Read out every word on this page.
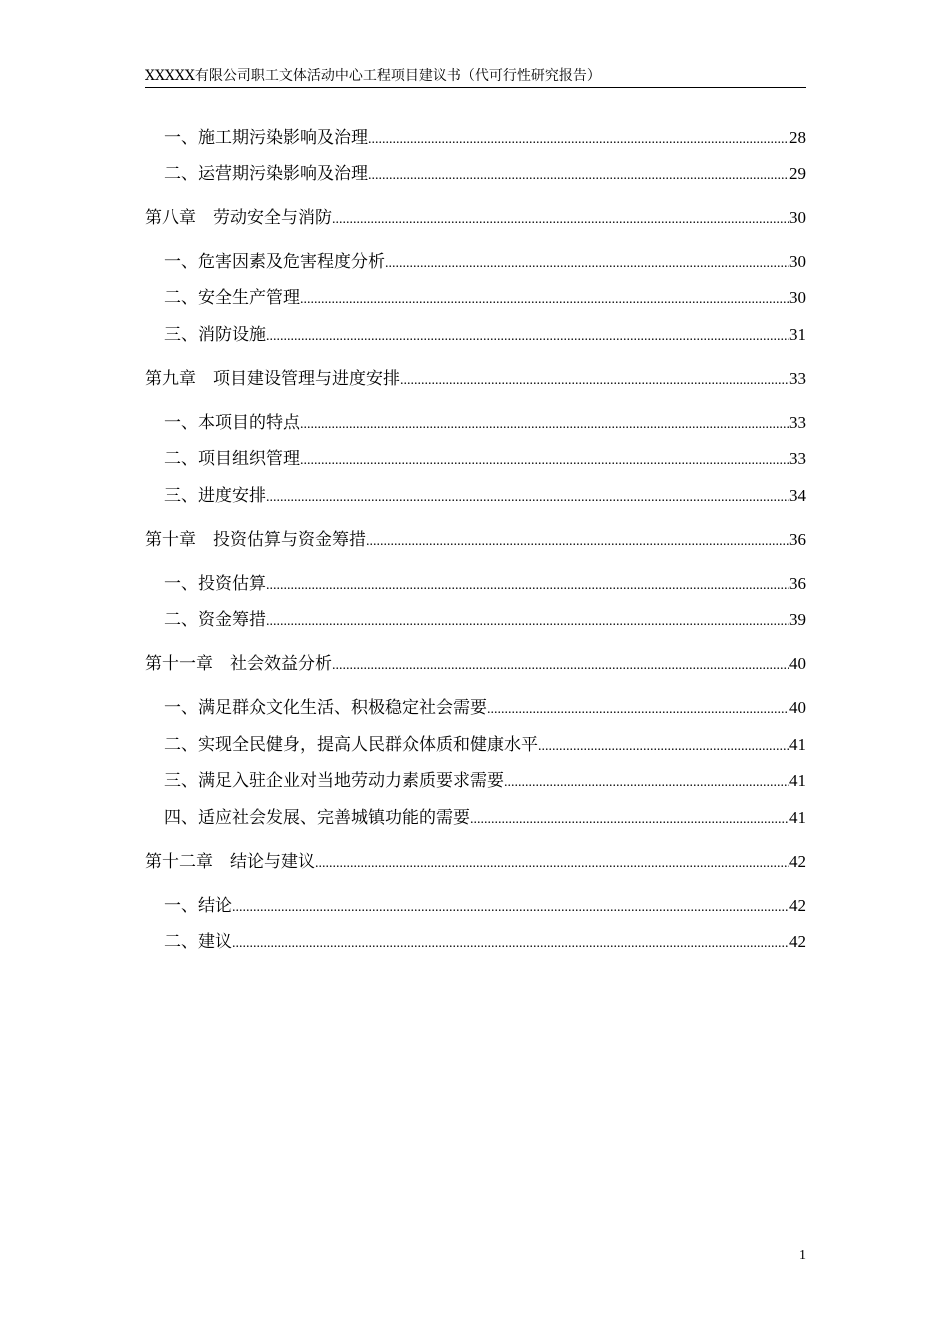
XXXXX有限公司职工文体活动中心工程项目建议书（代可行性研究报告）
一、施工期污染影响及治理 .....	28
二、运营期污染影响及治理 .....	29
第八章　劳动安全与消防 .....	30
一、危害因素及危害程度分析 .....	30
二、安全生产管理 .....	30
三、消防设施 .....	31
第九章　项目建设管理与进度安排 .....	33
一、本项目的特点 .....	33
二、项目组织管理 .....	33
三、进度安排 .....	34
第十章　投资估算与资金筹措 .....	36
一、投资估算 .....	36
二、资金筹措 .....	39
第十一章　社会效益分析 .....	40
一、满足群众文化生活、积极稳定社会需要 .....	40
二、实现全民健身，提高人民群众体质和健康水平 .....	41
三、满足入驻企业对当地劳动力素质要求需要 .....	41
四、适应社会发展、完善城镇功能的需要 .....	41
第十二章　结论与建议 .....	42
一、结论 .....	42
二、建议 .....	42
1
